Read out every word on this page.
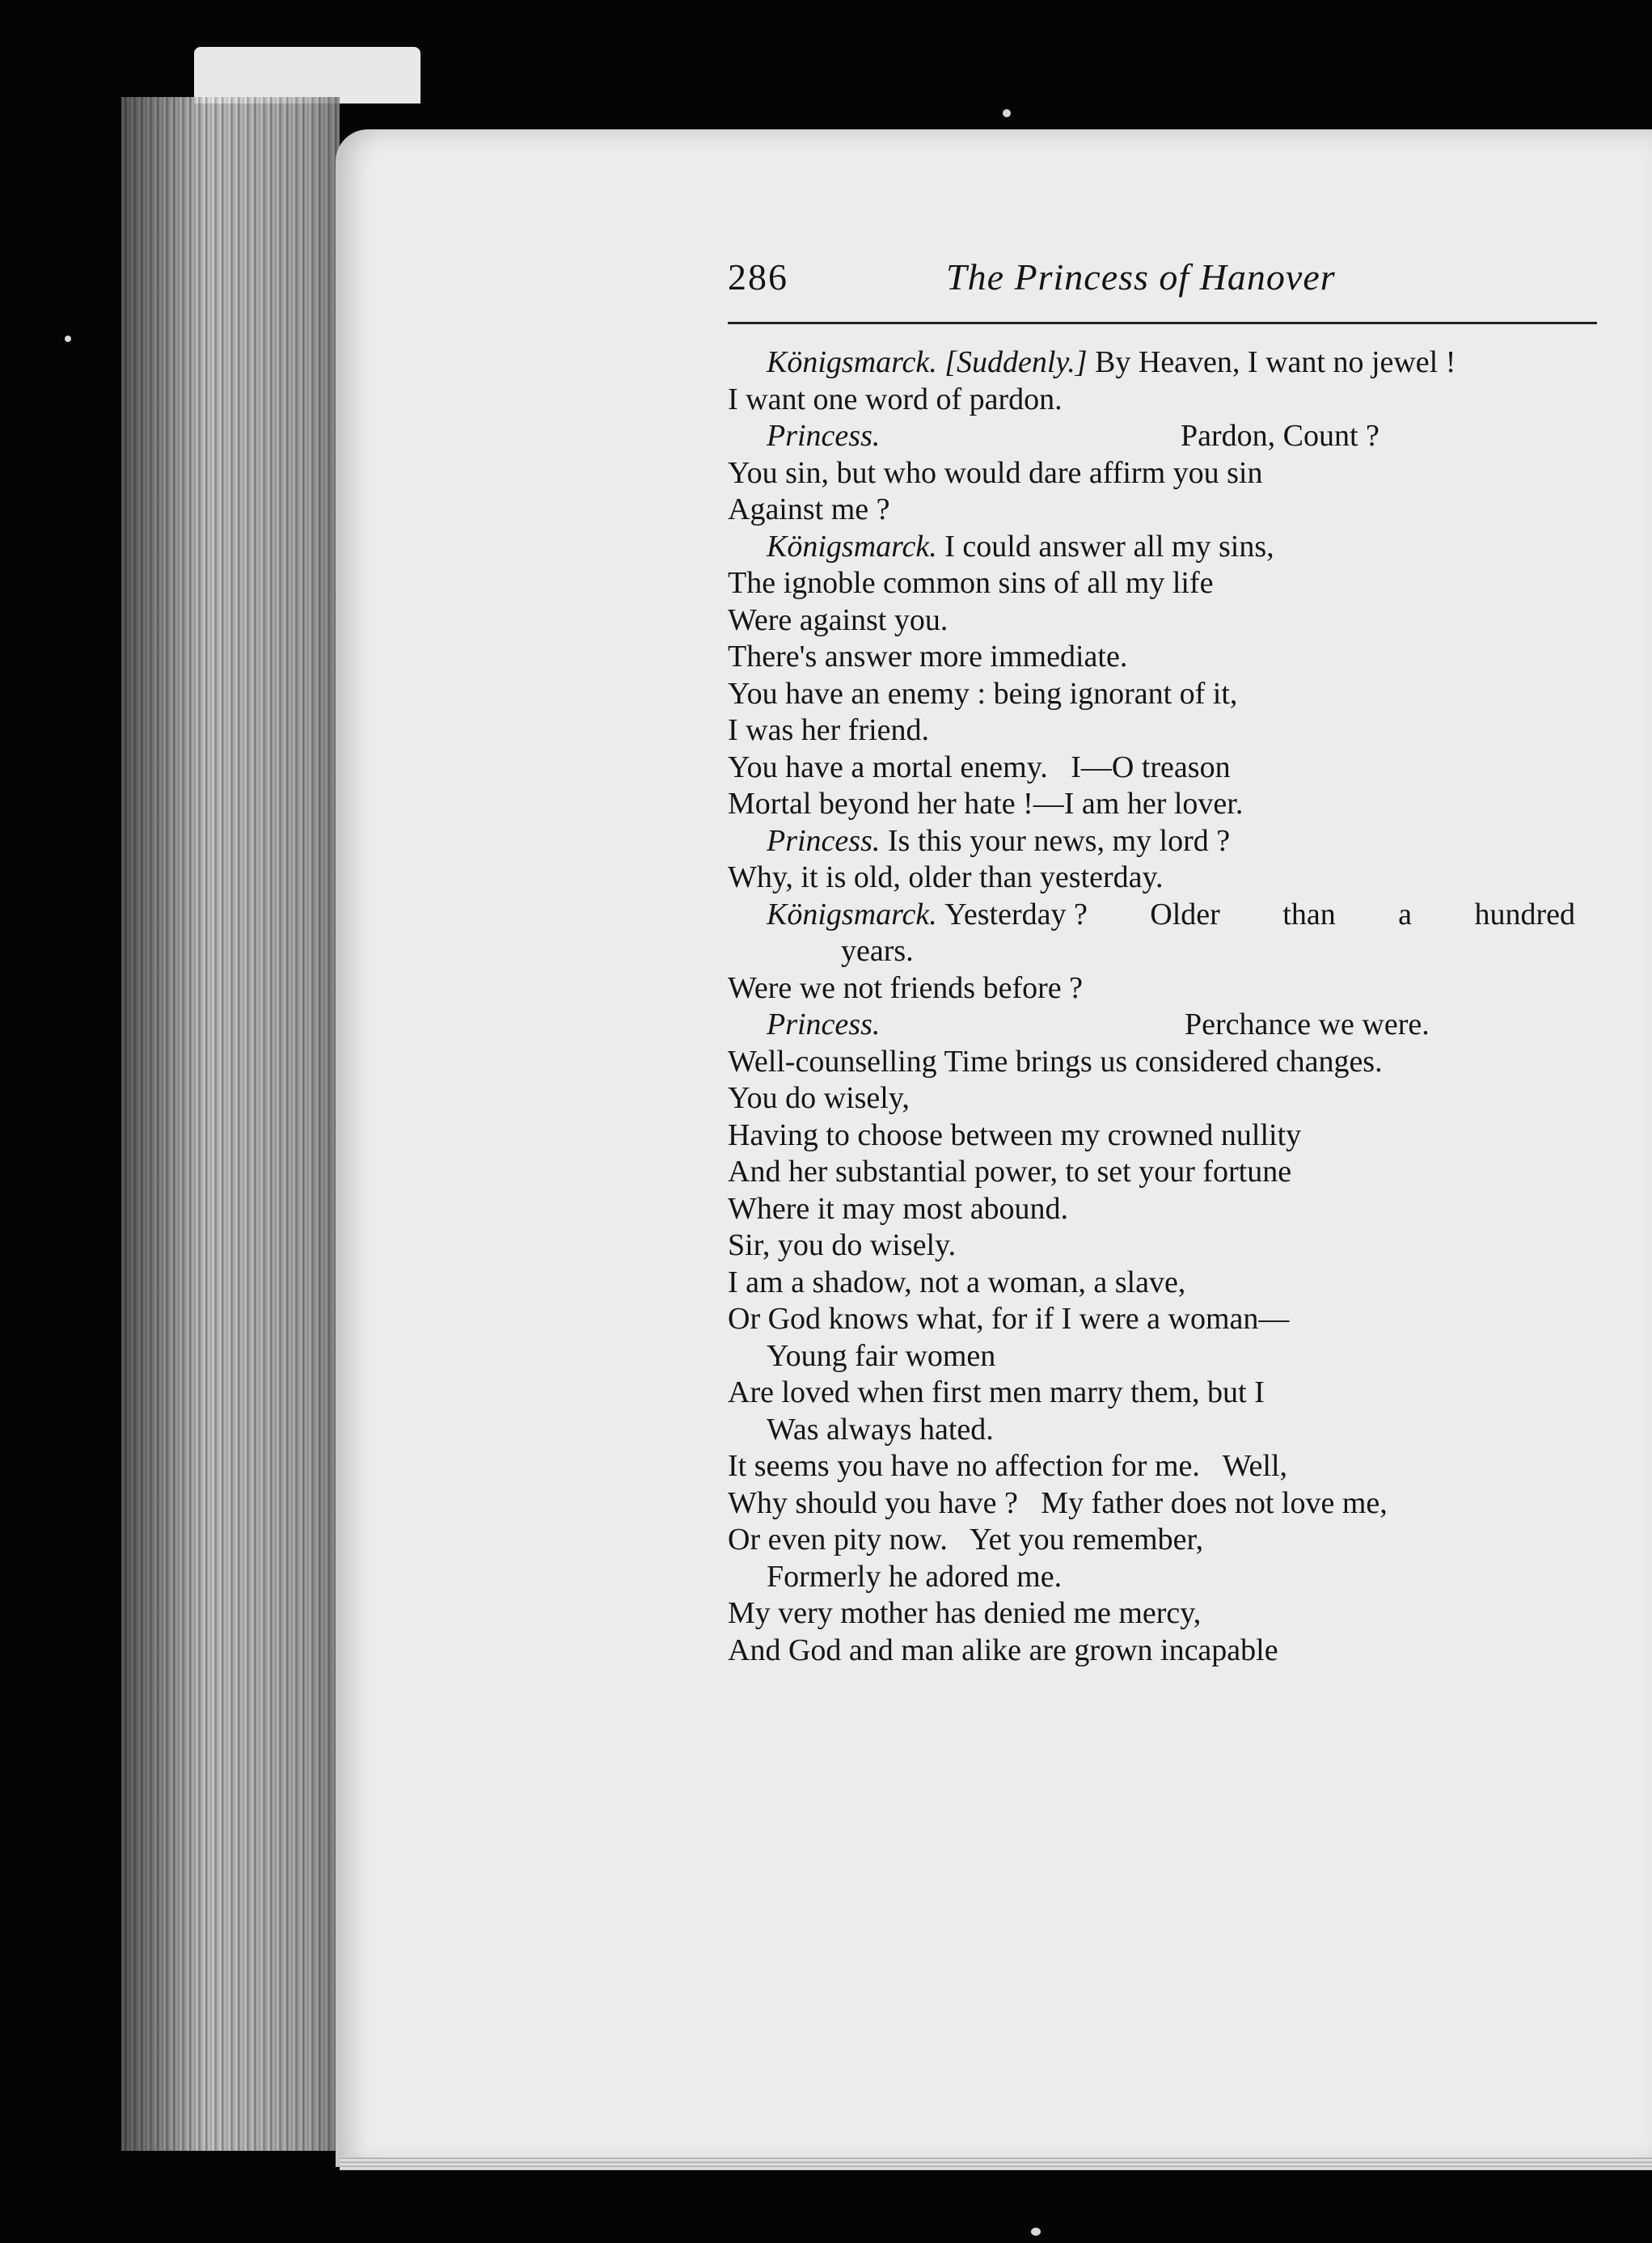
286	The Princess of Hanover
Königsmarck. [Suddenly.] By Heaven, I want no jewel !
I want one word of pardon.
Princess.	Pardon, Count ?
You sin, but who would dare affirm you sin
Against me ?
Königsmarck. I could answer all my sins,
The ignoble common sins of all my life
Were against you.
There's answer more immediate.
You have an enemy : being ignorant of it,
I was her friend.
You have a mortal enemy.   I—O treason
Mortal beyond her hate !—I am her lover.
Princess. Is this your news, my lord ?
Why, it is old, older than yesterday.
Königsmarck. Yesterday ? Older than a hundred
years.
Were we not friends before ?
Princess.	Perchance we were.
Well-counselling Time brings us considered changes.
You do wisely,
Having to choose between my crowned nullity
And her substantial power, to set your fortune
Where it may most abound.
Sir, you do wisely.
I am a shadow, not a woman, a slave,
Or God knows what, for if I were a woman—
Young fair women
Are loved when first men marry them, but I
Was always hated.
It seems you have no affection for me.   Well,
Why should you have ?   My father does not love me,
Or even pity now.   Yet you remember,
Formerly he adored me.
My very mother has denied me mercy,
And God and man alike are grown incapable
